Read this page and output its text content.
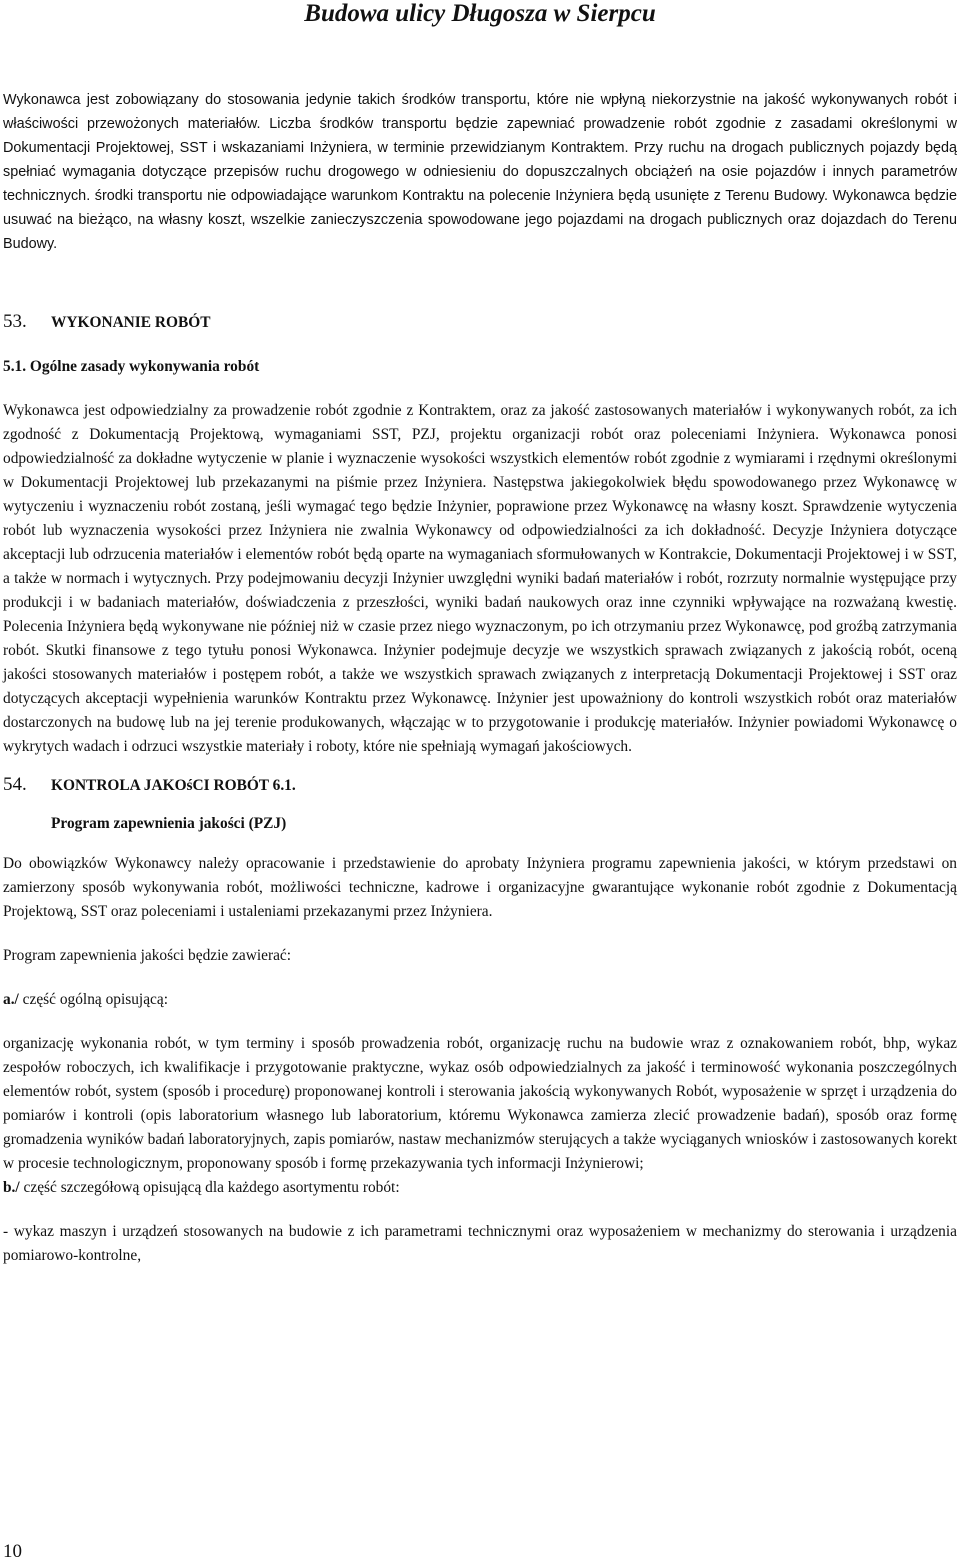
Budowa ulicy Długosza w Sierpcu

Wykonawca jest zobowiązany do stosowania jedynie takich środków transportu, które nie wpłyną niekorzystnie na jakość wykonywanych robót i właściwości przewożonych materiałów. Liczba środków transportu będzie zapewniać prowadzenie robót zgodnie z zasadami określonymi w Dokumentacji Projektowej, SST i wskazaniami Inżyniera, w terminie przewidzianym Kontraktem. Przy ruchu na drogach publicznych pojazdy będą spełniać wymagania dotyczące przepisów ruchu drogowego w odniesieniu do dopuszczalnych obciążeń na osie pojazdów i innych parametrów technicznych. środki transportu nie odpowiadające warunkom Kontraktu na polecenie Inżyniera będą usunięte z Terenu Budowy. Wykonawca będzie usuwać na bieżąco, na własny koszt, wszelkie zanieczyszczenia spowodowane jego pojazdami na drogach publicznych oraz dojazdach do Terenu Budowy.

53.	WYKONANIE ROBÓT

5.1. Ogólne zasady wykonywania robót

Wykonawca jest odpowiedzialny za prowadzenie robót zgodnie z Kontraktem, oraz za jakość zastosowanych materiałów i wykonywanych robót, za ich zgodność z Dokumentacją Projektową, wymaganiami SST, PZJ, projektu organizacji robót oraz poleceniami Inżyniera. Wykonawca ponosi odpowiedzialność za dokładne wytyczenie w planie i wyznaczenie wysokości wszystkich elementów robót zgodnie z wymiarami i rzędnymi określonymi w Dokumentacji Projektowej lub przekazanymi na piśmie przez Inżyniera. Następstwa jakiegokolwiek błędu spowodowanego przez Wykonawcę w wytyczeniu i wyznaczeniu robót zostaną, jeśli wymagać tego będzie Inżynier, poprawione przez Wykonawcę na własny koszt. Sprawdzenie wytyczenia robót lub wyznaczenia wysokości przez Inżyniera nie zwalnia Wykonawcy od odpowiedzialności za ich dokładność. Decyzje Inżyniera dotyczące akceptacji lub odrzucenia materiałów i elementów robót będą oparte na wymaganiach sformułowanych w Kontrakcie, Dokumentacji Projektowej i w SST, a także w normach i wytycznych. Przy podejmowaniu decyzji Inżynier uwzględni wyniki badań materiałów i robót, rozrzuty normalnie występujące przy produkcji i w badaniach materiałów, doświadczenia z przeszłości, wyniki badań naukowych oraz inne czynniki wpływające na rozważaną kwestię. Polecenia Inżyniera będą wykonywane nie później niż w czasie przez niego wyznaczonym, po ich otrzymaniu przez Wykonawcę, pod groźbą zatrzymania robót. Skutki finansowe z tego tytułu ponosi Wykonawca. Inżynier podejmuje decyzje we wszystkich sprawach związanych z jakością robót, oceną jakości stosowanych materiałów i postępem robót, a także we wszystkich sprawach związanych z interpretacją Dokumentacji Projektowej i SST oraz dotyczących akceptacji wypełnienia warunków Kontraktu przez Wykonawcę. Inżynier jest upoważniony do kontroli wszystkich robót oraz materiałów dostarczonych na budowę lub na jej terenie produkowanych, włączając w to przygotowanie i produkcję materiałów. Inżynier powiadomi Wykonawcę o wykrytych wadach i odrzuci wszystkie materiały i roboty, które nie spełniają wymagań jakościowych.

54.	KONTROLA JAKOśCI ROBÓT 6.1.

Program zapewnienia jakości (PZJ)

Do obowiązków Wykonawcy należy opracowanie i przedstawienie do aprobaty Inżyniera programu zapewnienia jakości, w którym przedstawi on zamierzony sposób wykonywania robót, możliwości techniczne, kadrowe i organizacyjne gwarantujące wykonanie robót zgodnie z Dokumentacją Projektową, SST oraz poleceniami i ustaleniami przekazanymi przez Inżyniera.

Program zapewnienia jakości będzie zawierać:

a./ część ogólną opisującą:

organizację wykonania robót, w tym terminy i sposób prowadzenia robót, organizację ruchu na budowie wraz z oznakowaniem robót, bhp, wykaz zespołów roboczych, ich kwalifikacje i przygotowanie praktyczne, wykaz osób odpowiedzialnych za jakość i terminowość wykonania poszczególnych elementów robót, system (sposób i procedurę) proponowanej kontroli i sterowania jakością wykonywanych Robót, wyposażenie w sprzęt i urządzenia do pomiarów i kontroli (opis laboratorium własnego lub laboratorium, któremu Wykonawca zamierza zlecić prowadzenie badań), sposób oraz formę gromadzenia wyników badań laboratoryjnych, zapis pomiarów, nastaw mechanizmów sterujących a także wyciąganych wniosków i zastosowanych korekt w procesie technologicznym, proponowany sposób i formę przekazywania tych informacji Inżynierowi;

b./ część szczegółową opisującą dla każdego asortymentu robót:

- wykaz maszyn i urządzeń stosowanych na budowie z ich parametrami technicznymi oraz wyposażeniem w mechanizmy do sterowania i urządzenia pomiarowo-kontrolne,

10
